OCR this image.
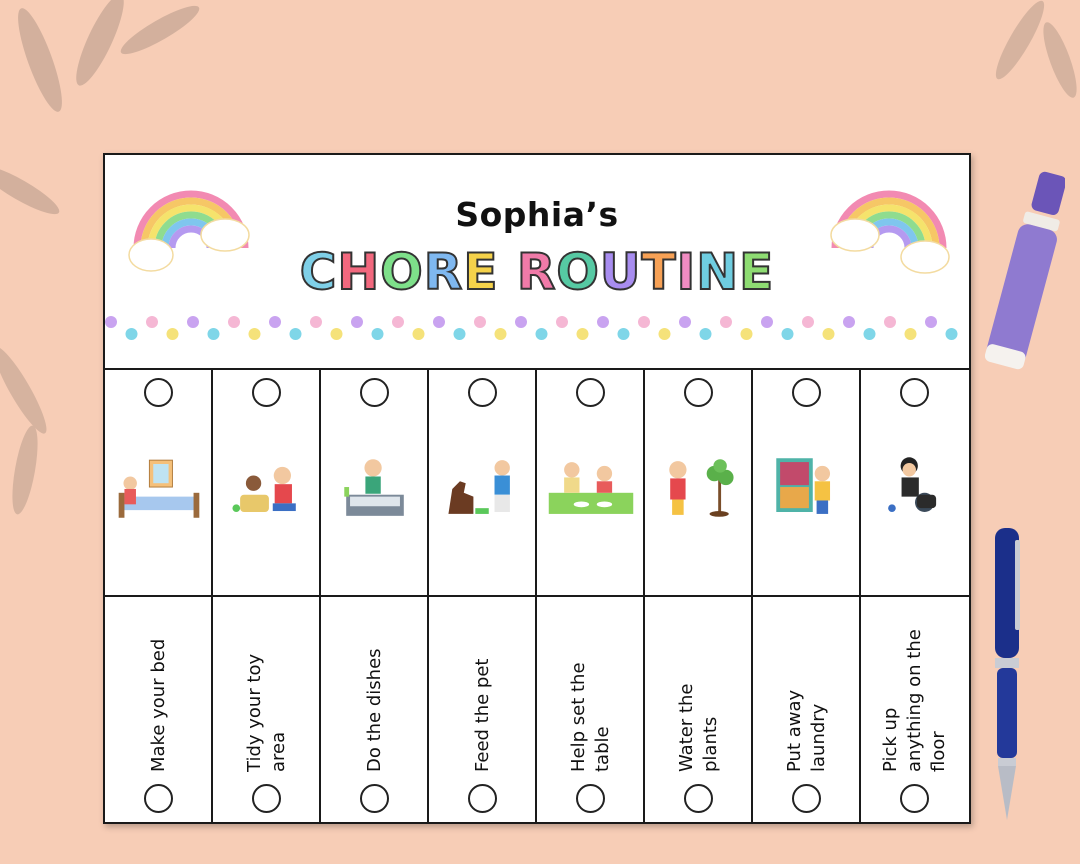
Sophia’s
CHORE ROUTINE
Make your bed	Tidy your toy area	Do the dishes	Feed the pet	Help set the table	Water the plants	Put away laundry	Pick up anything on the floor
